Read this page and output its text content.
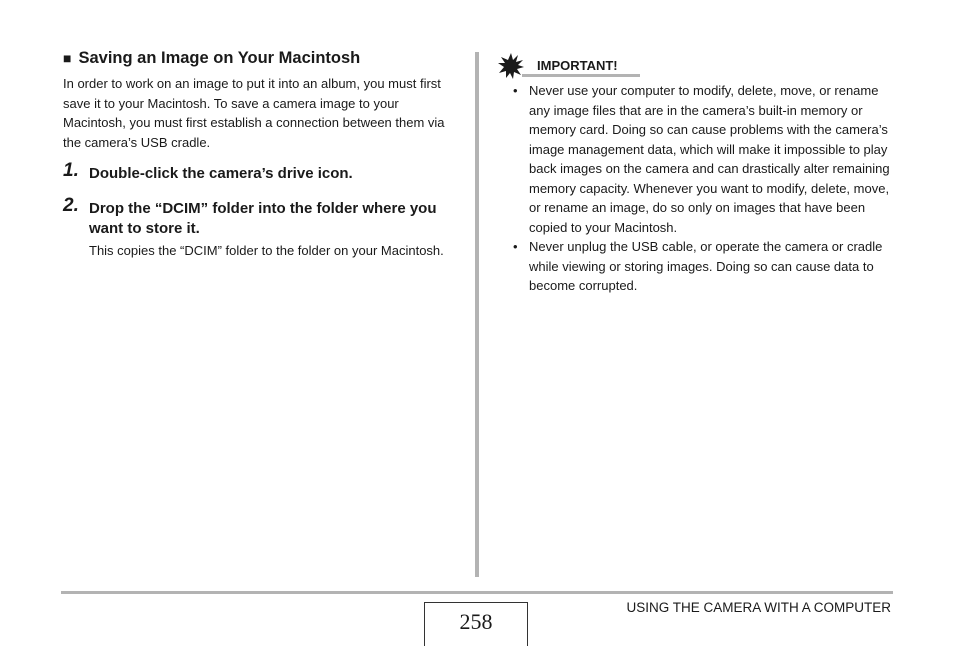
■ Saving an Image on Your Macintosh

In order to work on an image to put it into an album, you must first save it to your Macintosh. To save a camera image to your Macintosh, you must first establish a connection between them via the camera’s USB cradle.

1. Double-click the camera’s drive icon.
2. Drop the “DCIM” folder into the folder where you want to store it.
This copies the “DCIM” folder to the folder on your Macintosh.
IMPORTANT!
• Never use your computer to modify, delete, move, or rename any image files that are in the camera’s built-in memory or memory card. Doing so can cause problems with the camera’s image management data, which will make it impossible to play back images on the camera and can drastically alter remaining memory capacity. Whenever you want to modify, delete, move, or rename an image, do so only on images that have been copied to your Macintosh.
• Never unplug the USB cable, or operate the camera or cradle while viewing or storing images. Doing so can cause data to become corrupted.
258
USING THE CAMERA WITH A COMPUTER
